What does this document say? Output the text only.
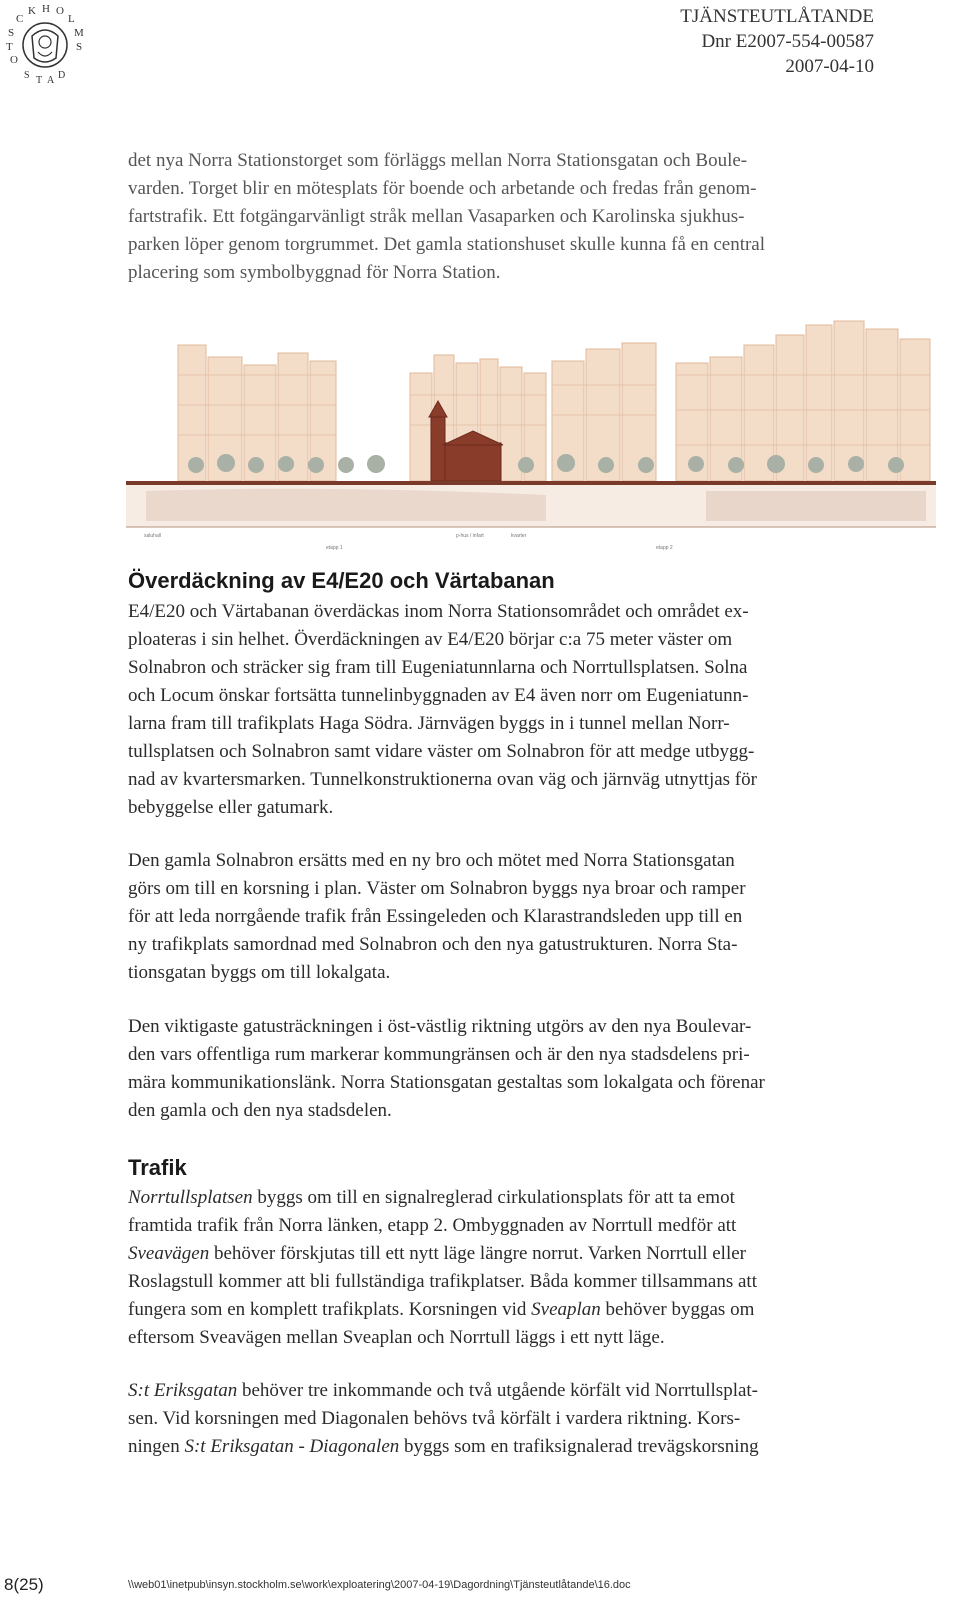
S
T
O
C
K H O
L
M
S
S T A D
TJÄNSTEUTLÅTANDE
Dnr E2007-554-00587
2007-04-10

det nya Norra Stationstorget som förläggs mellan Norra Stationsgatan och Boule-

varden. Torget blir en mötesplats för boende och arbetande och fredas från genom-

fartstrafik. Ett fotgängarvänligt stråk mellan Vasaparken och Karolinska sjukhus-

parken löper genom torgrummet. Det gamla stationshuset skulle kunna få en central

placering som symbolbyggnad för Norra Station.

saluhall
etapp 1
p-hus / infart	kvarter
etapp 2
Överdäckning av E4/E20 och Värtabanan

E4/E20 och Värtabanan överdäckas inom Norra Stationsområdet och området ex-

ploateras i sin helhet. Överdäckningen av E4/E20 börjar c:a 75 meter väster om

Solnabron och sträcker sig fram till Eugeniatunnlarna och Norrtullsplatsen. Solna

och Locum önskar fortsätta tunnelinbyggnaden av E4 även norr om Eugeniatunn-

larna fram till trafikplats Haga Södra. Järnvägen byggs in i tunnel mellan Norr-

tullsplatsen och Solnabron samt vidare väster om Solnabron för att medge utbygg-

nad av kvartersmarken. Tunnelkonstruktionerna ovan väg och järnväg utnyttjas för

bebyggelse eller gatumark.

Den gamla Solnabron ersätts med en ny bro och mötet med Norra Stationsgatan

görs om till en korsning i plan. Väster om Solnabron byggs nya broar och ramper

för att leda norrgående trafik från Essingeleden och Klarastrandsleden upp till en

ny trafikplats samordnad med Solnabron och den nya gatustrukturen. Norra Sta-

tionsgatan byggs om till lokalgata.

Den viktigaste gatusträckningen i öst-västlig riktning utgörs av den nya Boulevar-

den vars offentliga rum markerar kommungränsen och är den nya stadsdelens pri-

mära kommunikationslänk. Norra Stationsgatan gestaltas som lokalgata och förenar

den gamla och den nya stadsdelen.

Trafik

Norrtullsplatsen byggs om till en signalreglerad cirkulationsplats för att ta emot

framtida trafik från Norra länken, etapp 2. Ombyggnaden av Norrtull medför att

Sveavägen behöver förskjutas till ett nytt läge längre norrut. Varken Norrtull eller

Roslagstull kommer att bli fullständiga trafikplatser. Båda kommer tillsammans att

fungera som en komplett trafikplats. Korsningen vid Sveaplan behöver byggas om

eftersom Sveavägen mellan Sveaplan och Norrtull läggs i ett nytt läge.

S:t Eriksgatan behöver tre inkommande och två utgående körfält vid Norrtullsplat-

sen. Vid korsningen med Diagonalen behövs två körfält i vardera riktning. Kors-

ningen S:t Eriksgatan - Diagonalen byggs som en trafiksignalerad trevägskorsning

8(25)	\\web01\inetpub\insyn.stockholm.se\work\exploatering\2007-04-19\Dagordning\Tjänsteutlåtande\16.doc
